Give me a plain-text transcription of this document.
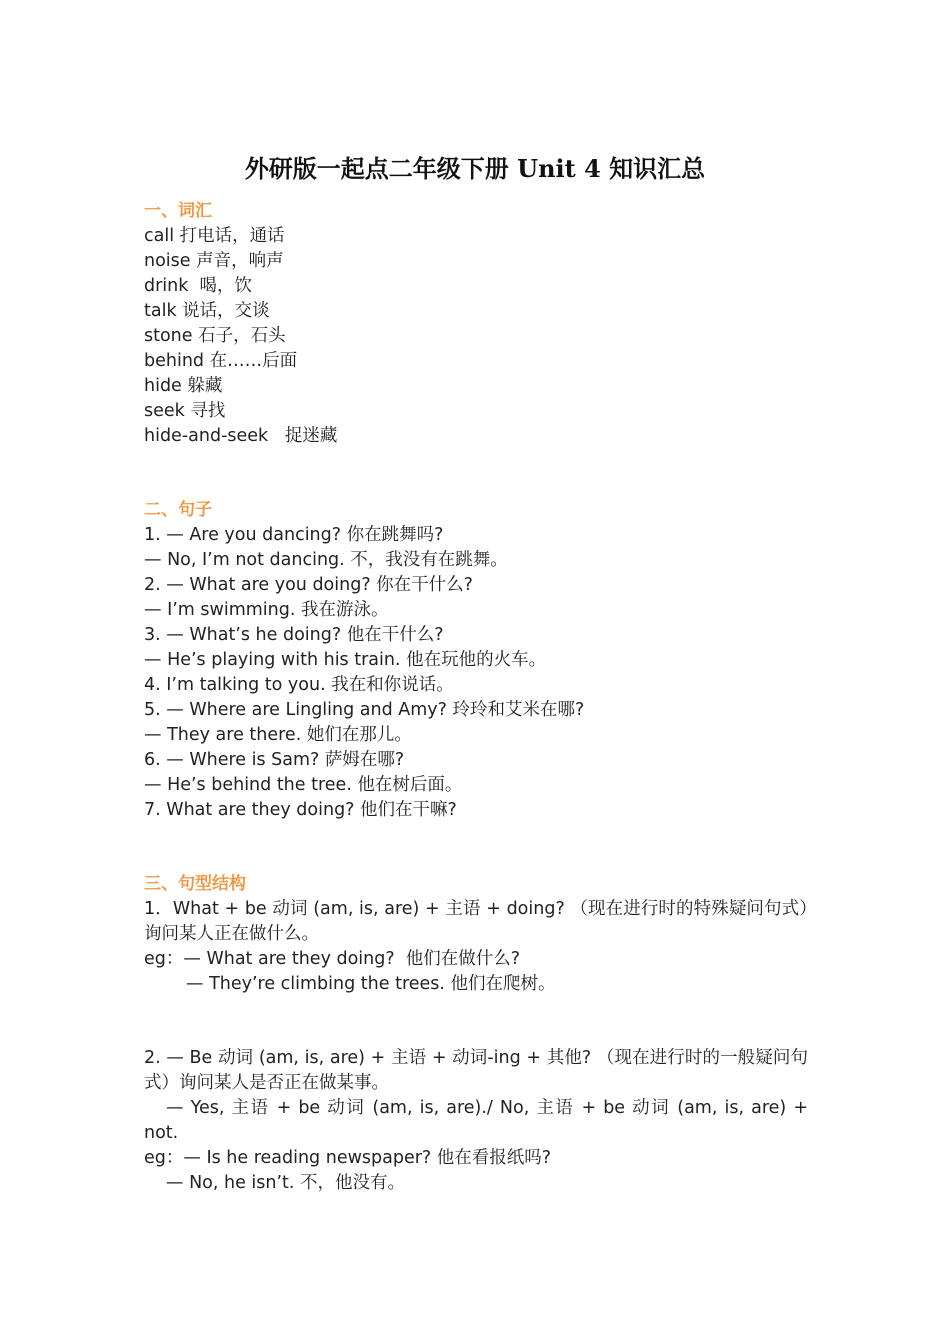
外研版一起点二年级下册 Unit 4 知识汇总
一、词汇
call 打电话，通话
noise 声音，响声
drink  喝，饮
talk 说话，交谈
stone 石子，石头
behind 在……后面
hide 躲藏
seek 寻找
hide-and-seek   捉迷藏
二、句子
1. — Are you dancing? 你在跳舞吗?
— No, I’m not dancing. 不，我没有在跳舞。
2. — What are you doing? 你在干什么?
— I’m swimming. 我在游泳。
3. — What’s he doing? 他在干什么?
— He’s playing with his train. 他在玩他的火车。
4. I’m talking to you. 我在和你说话。
5. — Where are Lingling and Amy? 玲玲和艾米在哪?
— They are there. 她们在那儿。
6. — Where is Sam? 萨姆在哪?
— He’s behind the tree. 他在树后面。
7. What are they doing? 他们在干嘛?
三、句型结构
1．What + be 动词 (am, is, are) + 主语 + doing? （现在进行时的特殊疑问句式）询问某人正在做什么。
eg：— What are they doing?  他们在做什么?
— They’re climbing the trees. 他们在爬树。
2. — Be 动词 (am, is, are) + 主语 + 动词-ing + 其他? （现在进行时的一般疑问句式）询问某人是否正在做某事。
— Yes, 主语 + be 动词 (am, is, are)./ No, 主语 + be 动词 (am, is, are) + not.
eg：— Is he reading newspaper? 他在看报纸吗?
— No, he isn’t. 不，他没有。
